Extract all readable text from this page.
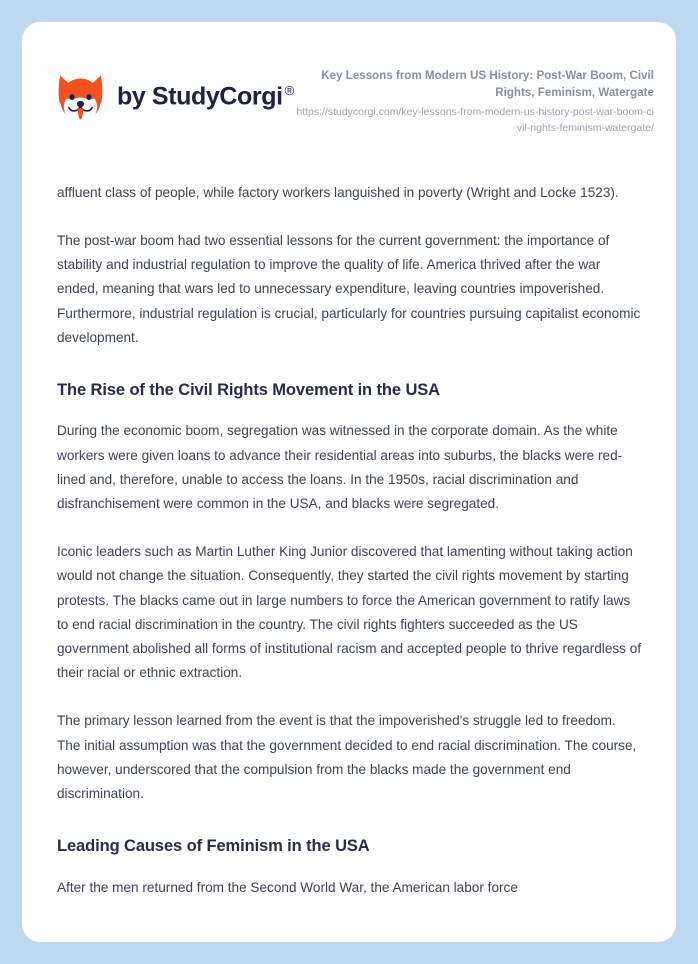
by StudyCorgi ®

Key Lessons from Modern US History: Post-War Boom, Civil Rights, Feminism, Watergate

https://studycorgi.com/key-lessons-from-modern-us-history-post-war-boom-civil-rights-feminism-watergate/

affluent class of people, while factory workers languished in poverty (Wright and Locke 1523).

The post-war boom had two essential lessons for the current government: the importance of stability and industrial regulation to improve the quality of life. America thrived after the war ended, meaning that wars led to unnecessary expenditure, leaving countries impoverished. Furthermore, industrial regulation is crucial, particularly for countries pursuing capitalist economic development.

The Rise of the Civil Rights Movement in the USA

During the economic boom, segregation was witnessed in the corporate domain. As the white workers were given loans to advance their residential areas into suburbs, the blacks were red-lined and, therefore, unable to access the loans. In the 1950s, racial discrimination and disfranchisement were common in the USA, and blacks were segregated.

Iconic leaders such as Martin Luther King Junior discovered that lamenting without taking action would not change the situation. Consequently, they started the civil rights movement by starting protests. The blacks came out in large numbers to force the American government to ratify laws to end racial discrimination in the country. The civil rights fighters succeeded as the US government abolished all forms of institutional racism and accepted people to thrive regardless of their racial or ethnic extraction.

The primary lesson learned from the event is that the impoverished's struggle led to freedom. The initial assumption was that the government decided to end racial discrimination. The course, however, underscored that the compulsion from the blacks made the government end discrimination.

Leading Causes of Feminism in the USA

After the men returned from the Second World War, the American labor force
